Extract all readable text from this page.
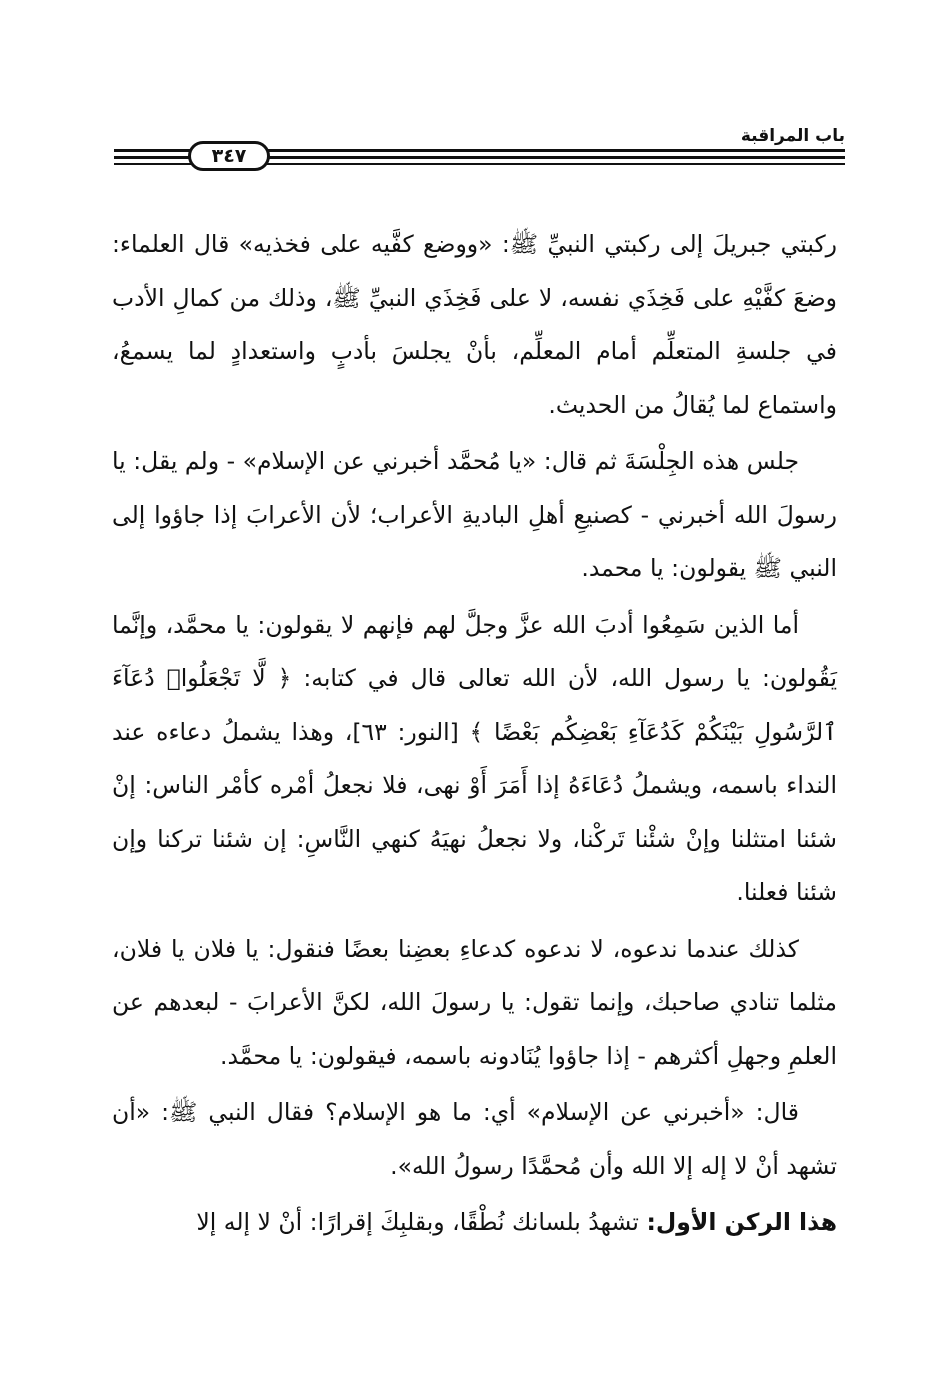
باب المراقبة
٣٤٧

ركبتي جبريلَ إلى ركبتي النبيِّ ﷺ: «ووضع كفَّيه على فخذيه» قال العلماء: وضعَ كفَّيْهِ على فَخِذَي نفسه، لا على فَخِذَي النبيِّ ﷺ، وذلك من كمالِ الأدب في جلسةِ المتعلِّم أمام المعلِّم، بأنْ يجلسَ بأدبٍ واستعدادٍ لما يسمعُ، واستماع لما يُقالُ من الحديث.

جلس هذه الجِلْسَةَ ثم قال: «يا مُحمَّد أخبرني عن الإسلام» - ولم يقل: يا رسولَ الله أخبرني - كصنيعِ أهلِ الباديةِ الأعراب؛ لأن الأعرابَ إذا جاؤوا إلى النبي ﷺ يقولون: يا محمد.

أما الذين سَمِعُوا أدبَ الله عزَّ وجلَّ لهم فإنهم لا يقولون: يا محمَّد، وإنَّما يَقُولون: يا رسول الله، لأن الله تعالى قال في كتابه: ﴿ لَّا تَجْعَلُوا۟ دُعَآءَ ٱلرَّسُولِ بَيْنَكُمْ كَدُعَآءِ بَعْضِكُم بَعْضًا ﴾ [النور: ٦٣]، وهذا يشملُ دعاءه عند النداء باسمه، ويشملُ دُعَاءَهُ إذا أَمَرَ أَوْ نهى، فلا نجعلُ أمْره كأمْر الناس: إنْ شئنا امتثلنا وإنْ شئْنا تَركْنا، ولا نجعلُ نهيَهُ كنهي النَّاسِ: إن شئنا تركنا وإن شئنا فعلنا.

كذلك عندما ندعوه، لا ندعوه كدعاءِ بعضِنا بعضًا فنقول: يا فلان يا فلان، مثلما تنادي صاحبك، وإنما تقول: يا رسولَ الله، لكنَّ الأعرابَ - لبعدهم عن العلمِ وجهلِ أكثرهم - إذا جاؤوا يُنَادونه باسمه، فيقولون: يا محمَّد.

قال: «أخبرني عن الإسلام» أي: ما هو الإسلام؟ فقال النبي ﷺ: «أن تشهد أنْ لا إله إلا الله وأن مُحمَّدًا رسولُ الله».

هذا الركن الأول: تشهدُ بلسانك نُطْقًا، وبقلبِكَ إقرارًا: أنْ لا إله إلا
